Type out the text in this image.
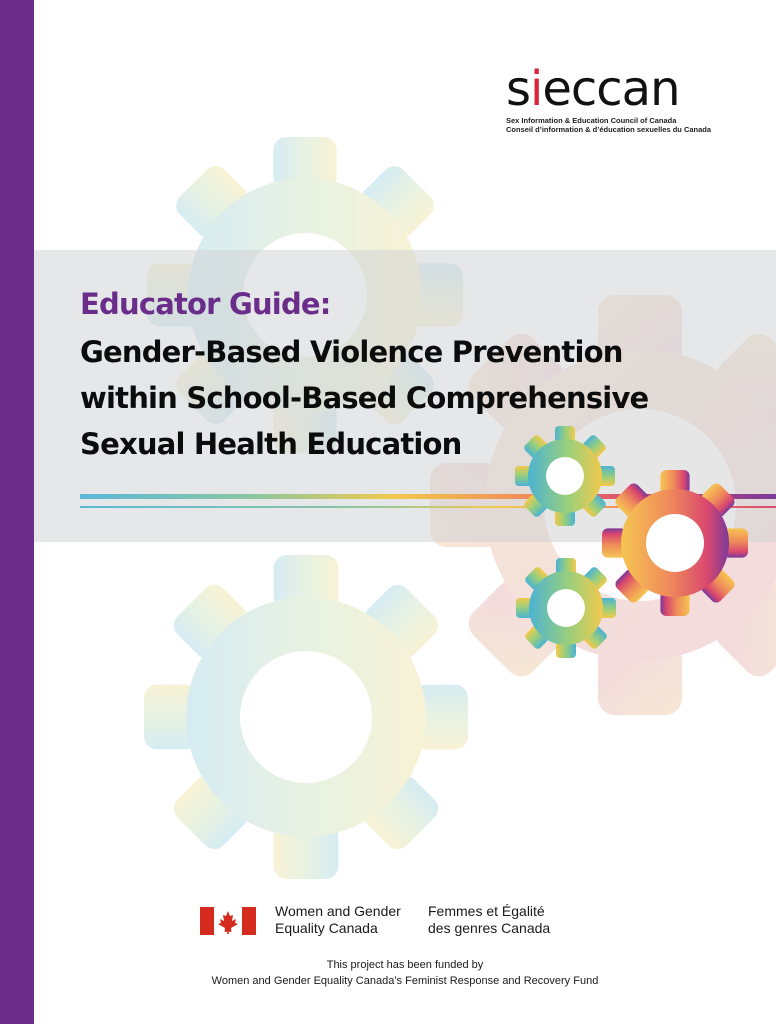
sieccan
Sex Information & Education Council of Canada
Conseil d’information & d’éducation sexuelles du Canada
Educator Guide:
Gender-Based Violence Prevention
within School-Based Comprehensive
Sexual Health Education
Women and Gender
Equality Canada
Femmes et Égalité
des genres Canada
This project has been funded by
Women and Gender Equality Canada’s Feminist Response and Recovery Fund
